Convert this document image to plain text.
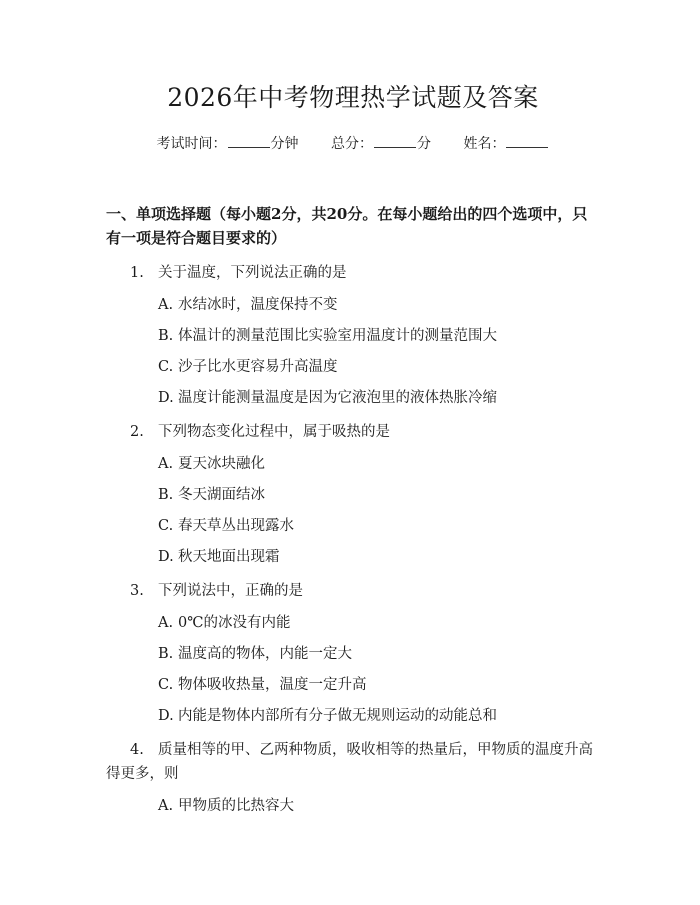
2026年中考物理热学试题及答案
考试时间：	分钟 总分：	分 姓名：
一、单项选择题（每小题2分，共20分。在每小题给出的四个选项中，只有一项是符合题目要求的）
1. 关于温度，下列说法正确的是
A. 水结冰时，温度保持不变
B. 体温计的测量范围比实验室用温度计的测量范围大
C. 沙子比水更容易升高温度
D. 温度计能测量温度是因为它液泡里的液体热胀冷缩
2. 下列物态变化过程中，属于吸热的是
A. 夏天冰块融化
B. 冬天湖面结冰
C. 春天草丛出现露水
D. 秋天地面出现霜
3. 下列说法中，正确的是
A. 0℃的冰没有内能
B. 温度高的物体，内能一定大
C. 物体吸收热量，温度一定升高
D. 内能是物体内部所有分子做无规则运动的动能总和
4. 质量相等的甲、乙两种物质，吸收相等的热量后，甲物质的温度升高得更多，则
A. 甲物质的比热容大
